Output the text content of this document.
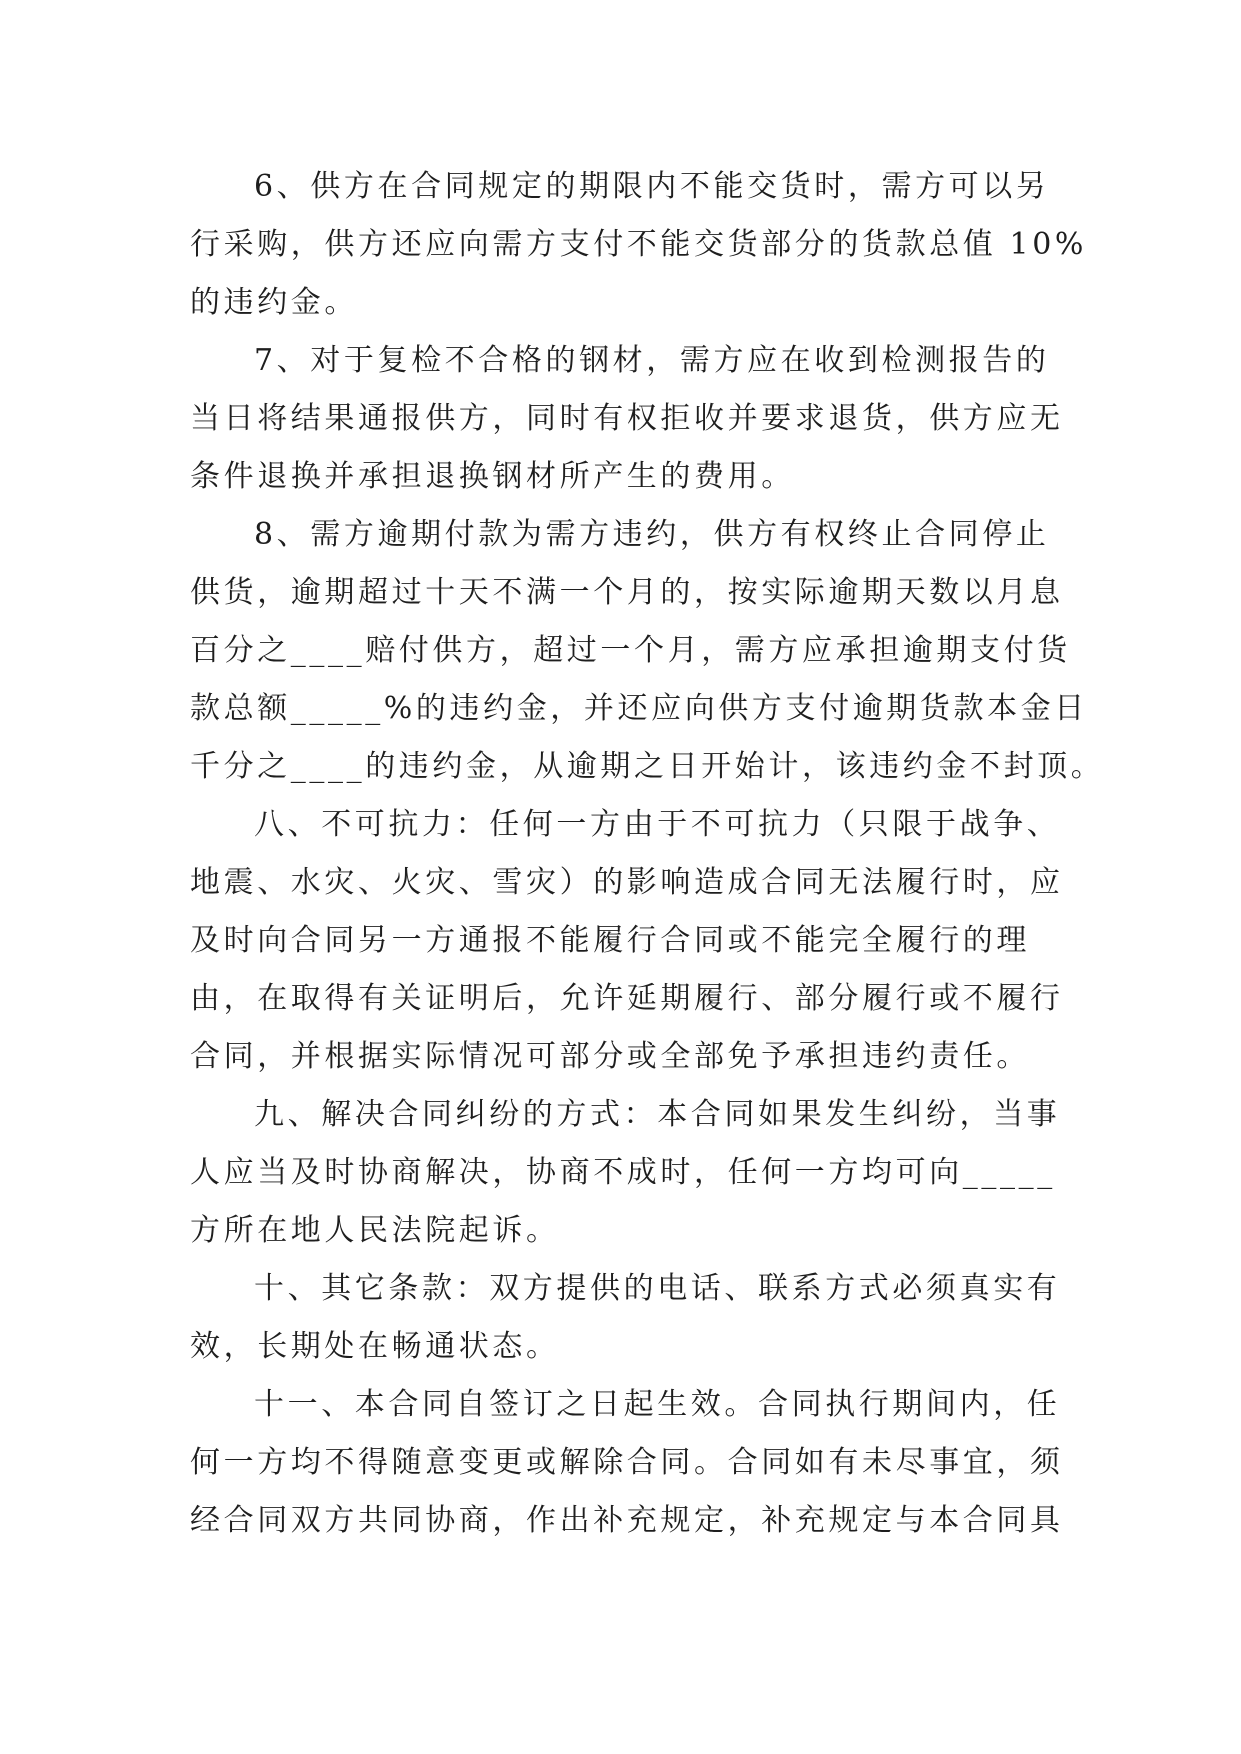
6、供方在合同规定的期限内不能交货时，需方可以另
行采购，供方还应向需方支付不能交货部分的货款总值 10%
的违约金。
7、对于复检不合格的钢材，需方应在收到检测报告的
当日将结果通报供方，同时有权拒收并要求退货，供方应无
条件退换并承担退换钢材所产生的费用。
8、需方逾期付款为需方违约，供方有权终止合同停止
供货，逾期超过十天不满一个月的，按实际逾期天数以月息
百分之____赔付供方，超过一个月，需方应承担逾期支付货
款总额_____%的违约金，并还应向供方支付逾期货款本金日
千分之____的违约金，从逾期之日开始计，该违约金不封顶。
八、不可抗力：任何一方由于不可抗力（只限于战争、
地震、水灾、火灾、雪灾）的影响造成合同无法履行时，应
及时向合同另一方通报不能履行合同或不能完全履行的理
由，在取得有关证明后，允许延期履行、部分履行或不履行
合同，并根据实际情况可部分或全部免予承担违约责任。
九、解决合同纠纷的方式：本合同如果发生纠纷，当事
人应当及时协商解决，协商不成时，任何一方均可向_____
方所在地人民法院起诉。
十、其它条款：双方提供的电话、联系方式必须真实有
效，长期处在畅通状态。
十一、本合同自签订之日起生效。合同执行期间内，任
何一方均不得随意变更或解除合同。合同如有未尽事宜，须
经合同双方共同协商，作出补充规定，补充规定与本合同具
